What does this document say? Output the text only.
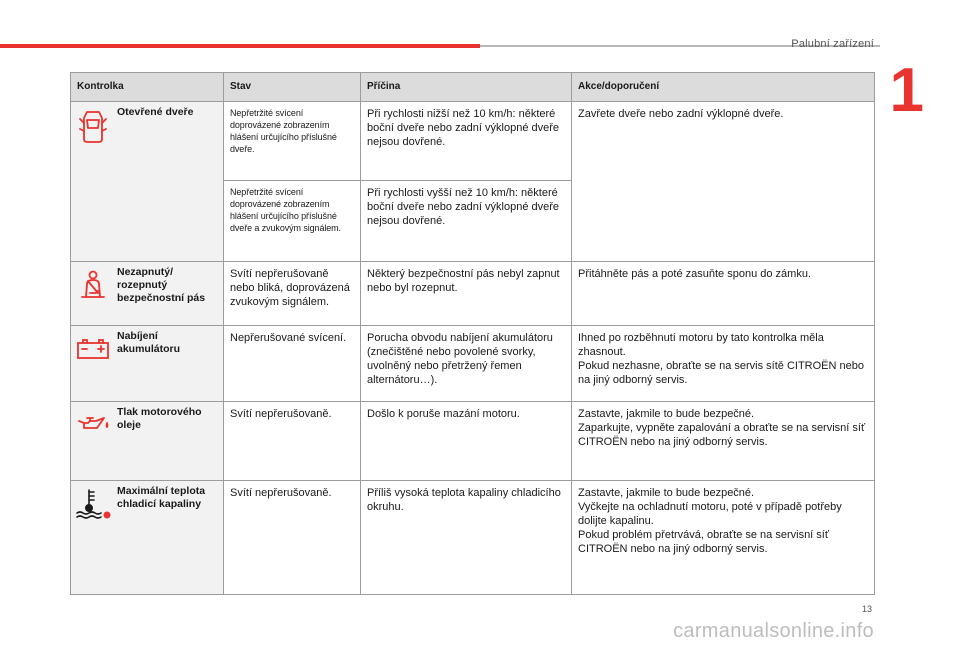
Palubní zařízení
1
Kontrolka	Stav	Příčina	Akce/doporučení

Otevřené dveře	Nepřetržité svícení doprovázené zobrazením hlášení určujícího příslušné dveře.	Při rychlosti nižší než 10 km/h: některé boční dveře nebo zadní výklopné dveře nejsou dovřené.	Zavřete dveře nebo zadní výklopné dveře.
	Nepřetržité svícení doprovázené zobrazením hlášení určujícího příslušné dveře a zvukovým signálem.	Při rychlosti vyšší než 10 km/h: některé boční dveře nebo zadní výklopné dveře nejsou dovřené.	

Nezapnutý/ rozepnutý bezpečnostní pás	Svítí nepřerušovaně nebo bliká, doprovázená zvukovým signálem.	Některý bezpečnostní pás nebyl zapnut nebo byl rozepnut.	Přitáhněte pás a poté zasuňte sponu do zámku.

Nabíjení akumulátoru	Nepřerušované svícení.	Porucha obvodu nabíjení akumulátoru (znečištěné nebo povolené svorky, uvolněný nebo přetržený řemen alternátoru…).	Ihned po rozběhnutí motoru by tato kontrolka měla zhasnout.
Pokud nezhasne, obraťte se na servis sítě CITROËN nebo na jiný odborný servis.

Tlak motorového oleje	Svítí nepřerušovaně.	Došlo k poruše mazání motoru.	Zastavte, jakmile to bude bezpečné.
Zaparkujte, vypněte zapalování a obraťte se na servisní síť CITROËN nebo na jiný odborný servis.

Maximální teplota chladicí kapaliny	Svítí nepřerušovaně.	Příliš vysoká teplota kapaliny chladicího okruhu.	Zastavte, jakmile to bude bezpečné.
Vyčkejte na ochladnutí motoru, poté v případě potřeby dolijte kapalinu.
Pokud problém přetrvává, obraťte se na servisní síť CITROËN nebo na jiný odborný servis.
13
carmanualsonline.info
